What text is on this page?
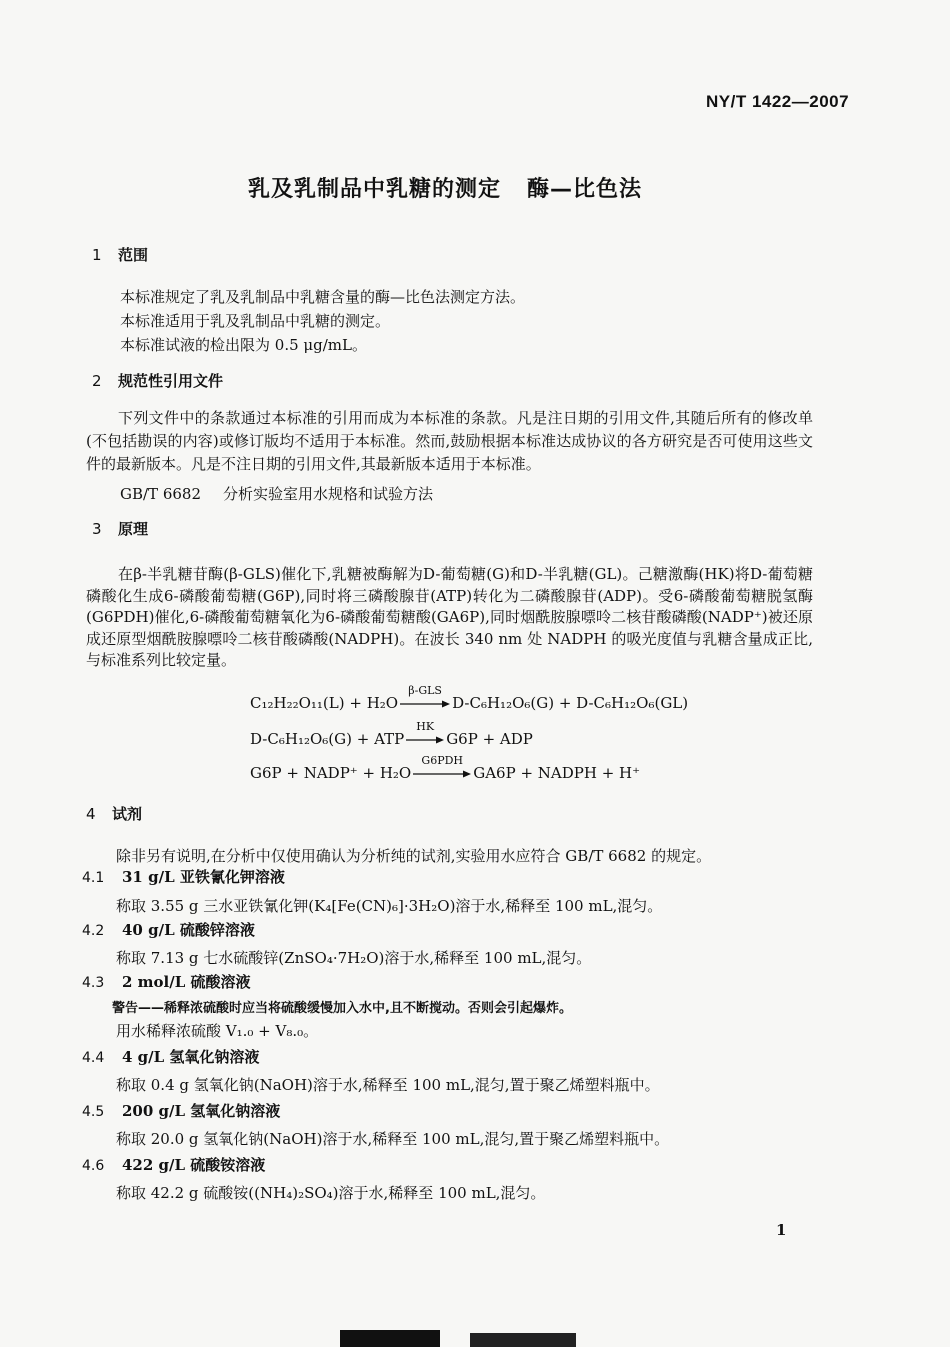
NY/T 1422—2007
乳及乳制品中乳糖的测定 酶—比色法
1 范围
本标准规定了乳及乳制品中乳糖含量的酶—比色法测定方法。
本标准适用于乳及乳制品中乳糖的测定。
本标准试液的检出限为 0.5 μg/mL。
2 规范性引用文件
下列文件中的条款通过本标准的引用而成为本标准的条款。凡是注日期的引用文件,其随后所有的修改单(不包括勘误的内容)或修订版均不适用于本标准。然而,鼓励根据本标准达成协议的各方研究是否可使用这些文件的最新版本。凡是不注日期的引用文件,其最新版本适用于本标准。
GB/T 6682 分析实验室用水规格和试验方法
3 原理
在β-半乳糖苷酶(β-GLS)催化下,乳糖被酶解为D-葡萄糖(G)和D-半乳糖(GL)。己糖激酶(HK)将D-葡萄糖磷酸化生成6-磷酸葡萄糖(G6P),同时将三磷酸腺苷(ATP)转化为二磷酸腺苷(ADP)。受6-磷酸葡萄糖脱氢酶(G6PDH)催化,6-磷酸葡萄糖氧化为6-磷酸葡萄糖酸(GA6P),同时烟酰胺腺嘌呤二核苷酸磷酸(NADP⁺)被还原成还原型烟酰胺腺嘌呤二核苷酸磷酸(NADPH)。在波长 340 nm 处 NADPH 的吸光度值与乳糖含量成正比,与标准系列比较定量。
C₁₂H₂₂O₁₁(L) + H₂O
β-GLS
D-C₆H₁₂O₆(G) + D-C₆H₁₂O₆(GL)
D-C₆H₁₂O₆(G) + ATP
HK
G6P + ADP
G6P + NADP⁺ + H₂O
G6PDH
GA6P + NADPH + H⁺
4 试剂
除非另有说明,在分析中仅使用确认为分析纯的试剂,实验用水应符合 GB/T 6682 的规定。
4.1 31 g/L 亚铁氰化钾溶液
称取 3.55 g 三水亚铁氰化钾(K₄[Fe(CN)₆]·3H₂O)溶于水,稀释至 100 mL,混匀。
4.2 40 g/L 硫酸锌溶液
称取 7.13 g 七水硫酸锌(ZnSO₄·7H₂O)溶于水,稀释至 100 mL,混匀。
4.3 2 mol/L 硫酸溶液
警告——稀释浓硫酸时应当将硫酸缓慢加入水中,且不断搅动。否则会引起爆炸。
用水稀释浓硫酸 V₁.₀ + V₈.₀。
4.4 4 g/L 氢氧化钠溶液
称取 0.4 g 氢氧化钠(NaOH)溶于水,稀释至 100 mL,混匀,置于聚乙烯塑料瓶中。
4.5 200 g/L 氢氧化钠溶液
称取 20.0 g 氢氧化钠(NaOH)溶于水,稀释至 100 mL,混匀,置于聚乙烯塑料瓶中。
4.6 422 g/L 硫酸铵溶液
称取 42.2 g 硫酸铵((NH₄)₂SO₄)溶于水,稀释至 100 mL,混匀。
1
